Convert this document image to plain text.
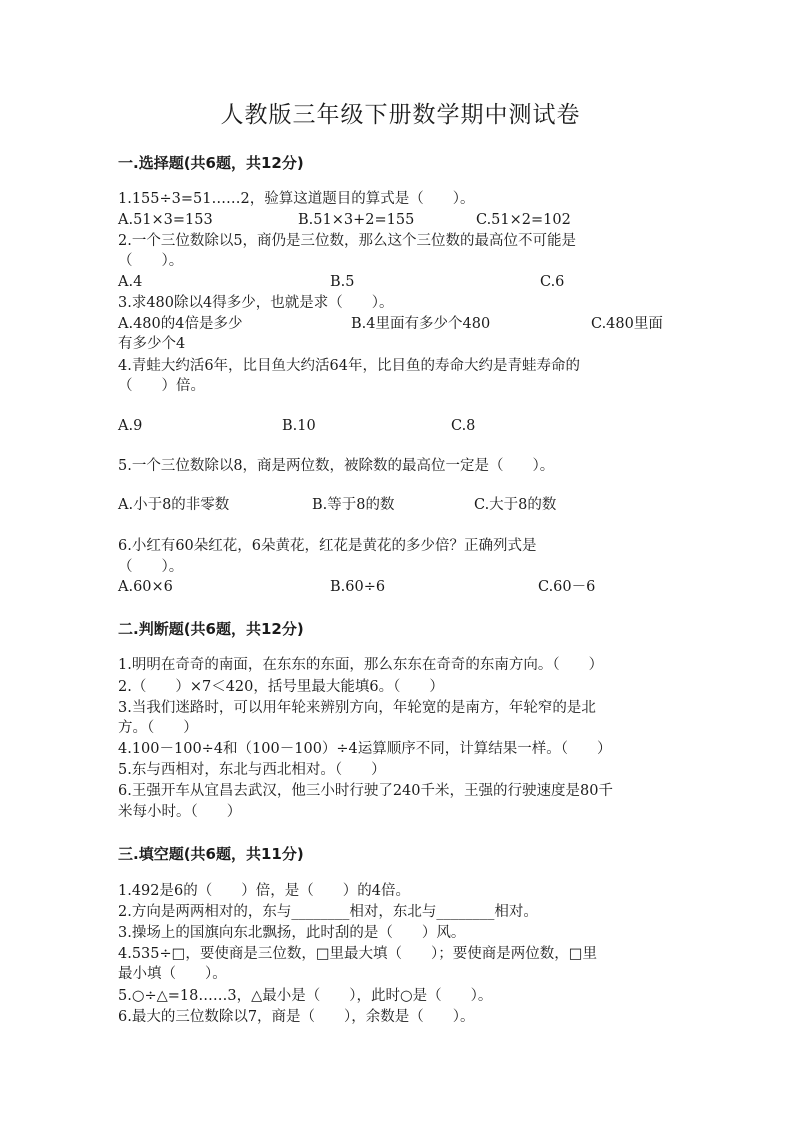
人教版三年级下册数学期中测试卷
一.选择题(共6题，共12分)
1.155÷3=51……2，验算这道题目的算式是（　　）。
A.51×3=153	B.51×3+2=155	C.51×2=102
2.一个三位数除以5，商仍是三位数，那么这个三位数的最高位不可能是
（　　）。
A.4	B.5	C.6
3.求480除以4得多少，也就是求（　　）。
A.480的4倍是多少	B.4里面有多少个480	C.480里面
有多少个4
4.青蛙大约活6年，比目鱼大约活64年，比目鱼的寿命大约是青蛙寿命的
（　　）倍。
A.9	B.10	C.8
5.一个三位数除以8，商是两位数，被除数的最高位一定是（　　）。
A.小于8的非零数	B.等于8的数	C.大于8的数
6.小红有60朵红花，6朵黄花，红花是黄花的多少倍？正确列式是
（　　）。
A.60×6	B.60÷6	C.60－6
二.判断题(共6题，共12分)
1.明明在奇奇的南面，在东东的东面，那么东东在奇奇的东南方向。（　　）
2.（　　）×7＜420，括号里最大能填6。（　　）
3.当我们迷路时，可以用年轮来辨别方向，年轮宽的是南方，年轮窄的是北
方。（　　）
4.100－100÷4和（100－100）÷4运算顺序不同，计算结果一样。（　　）
5.东与西相对，东北与西北相对。（　　）
6.王强开车从宜昌去武汉，他三小时行驶了240千米，王强的行驶速度是80千
米每小时。（　　）
三.填空题(共6题，共11分)
1.492是6的（　　）倍，是（　　）的4倍。
2.方向是两两相对的，东与________相对，东北与________相对。
3.操场上的国旗向东北飘扬，此时刮的是（　　）风。
4.535÷□，要使商是三位数，□里最大填（　　）；要使商是两位数，□里
最小填（　　）。
5.○÷△=18……3，△最小是（　　），此时○是（　　）。
6.最大的三位数除以7，商是（　　），余数是（　　）。
